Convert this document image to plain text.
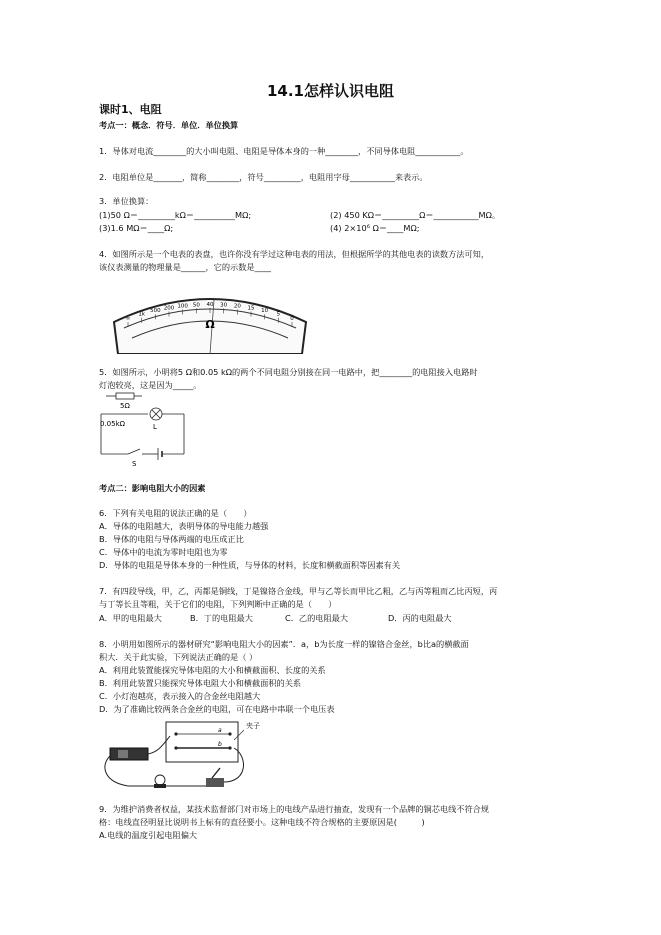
14.1怎样认识电阻
课时1、电阻
考点一：概念．符号．单位．单位换算
1．导体对电流________的大小叫电阻、电阻是导体本身的一种________，不同导体电阻___________。
2．电阻单位是_______，简称________，符号_________，电阻用字母___________来表示。
3．单位换算：
(1)50 Ω＝_________kΩ＝__________MΩ;	(2) 450 KΩ＝_________Ω＝___________MΩ。
(3)1.6 MΩ＝____Ω;	(4) 2×10⁶ Ω＝____MΩ;
4．如图所示是一个电表的表盘，也许你没有学过这种电表的用法，但根据所学的其他电表的读数方法可知，
该仪表测量的物理量是______，它的示数是____
∞
1k
500 200 100 50 40 30 20 15 10
5
0
Ω
5．如图所示，小明将5 Ω和0.05 kΩ的两个不同电阻分别接在同一电路中，把________的电阻接入电路时
灯泡较亮，这是因为_____。
5Ω
0.05kΩ	L
S
考点二：影响电阻大小的因素
6．下列有关电阻的说法正确的是（　　）
A．导体的电阻越大，表明导体的导电能力越强
B．导体的电阻与导体两端的电压成正比
C．导体中的电流为零时电阻也为零
D．导体的电阻是导体本身的一种性质，与导体的材料，长度和横截面积等因素有关
7．有四段导线，甲，乙，丙都是铜线，丁是镍铬合金线，甲与乙等长而甲比乙粗，乙与丙等粗而乙比丙短，丙
与丁等长且等粗，关于它们的电阻，下列判断中正确的是（　　）
A．甲的电阻最大	B．丁的电阻最大	C．乙的电阻最大	D．丙的电阻最大
8．小明用如图所示的器材研究“影响电阻大小的因素”．a，b为长度一样的镍铬合金丝，b比a的横截面
积大．关于此实验，下列说法正确的是（ ）
A．利用此装置能探究导体电阻的大小和横截面积、长度的关系
B．利用此装置只能探究导体电阻大小和横截面积的关系
C．小灯泡越亮，表示接入的合金丝电阻越大
D．为了准确比较两条合金丝的电阻，可在电路中串联一个电压表
a
b
夹子
9．为维护消费者权益，某技术监督部门对市场上的电线产品进行抽查，发现有一个品牌的铜芯电线不符合规
格：电线直径明显比说明书上标有的直径要小。这种电线不符合规格的主要原因是(　　　)
A.电线的温度引起电阻偏大
